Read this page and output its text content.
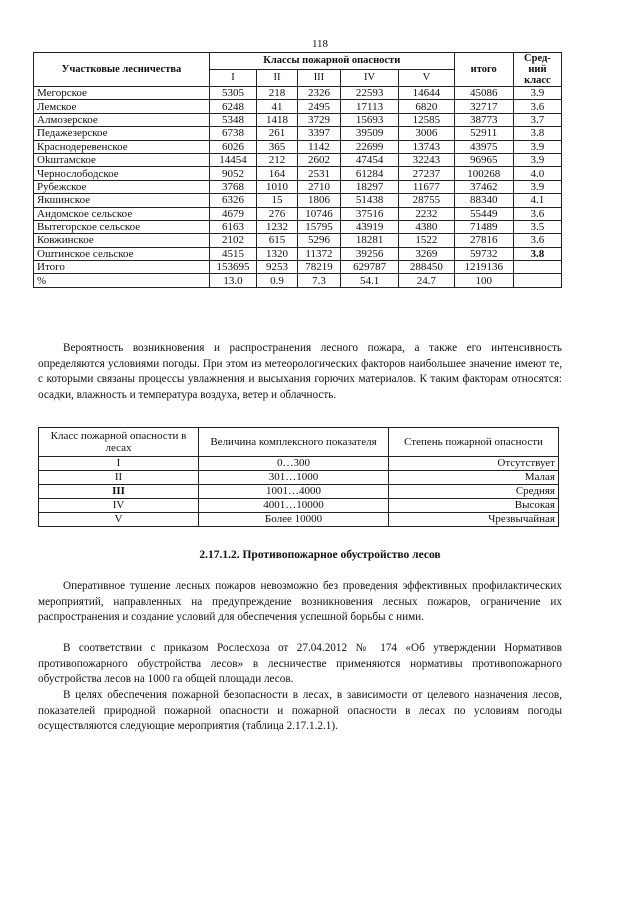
118
Участковые лесничества	Классы пожарной опасности					итого	Сред-ний класс
	I	II	III	IV	V		
Мегорское	5305	218	2326	22593	14644	45086	3.9
Лемское	6248	41	2495	17113	6820	32717	3.6
Алмозерское	5348	1418	3729	15693	12585	38773	3.7
Педажезерское	6738	261	3397	39509	3006	52911	3.8
Краснодеревенское	6026	365	1142	22699	13743	43975	3.9
Okштамское	14454	212	2602	47454	32243	96965	3.9
Чернослободское	9052	164	2531	61284	27237	100268	4.0
Рубежское	3768	1010	2710	18297	11677	37462	3.9
Якшинское	6326	15	1806	51438	28755	88340	4.1
Андомское сельское	4679	276	10746	37516	2232	55449	3.6
Вытегорское сельское	6163	1232	15795	43919	4380	71489	3.5
Ковжинское	2102	615	5296	18281	1522	27816	3.6
Оштинское сельское	4515	1320	11372	39256	3269	59732	3.8
Итого	153695	9253	78219	629787	288450	1219136	
%	13.0	0.9	7.3	54.1	24.7	100	

Вероятность возникновения и распространения лесного пожара, а также его интенсивность определяются условиями погоды. При этом из метеорологических факторов наибольшее значение имеют те, с которыми связаны процессы увлажнения и высыхания горючих материалов. К таким факторам относятся: осадки, влажность и температура воздуха, ветер и облачность.

Класс пожарной опасности в лесах	Величина комплексного показателя	Степень пожарной опасности
I	0…300	Отсутствует
II	301…1000	Малая
III	1001…4000	Средняя
IV	4001…10000	Высокая
V	Более 10000	Чрезвычайная
2.17.1.2. Противопожарное обустройство лесов

Оперативное тушение лесных пожаров невозможно без проведения эффективных профилактических мероприятий, направленных на предупреждение возникновения лесных пожаров, ограничение их распространения и создание условий для обеспечения успешной борьбы с ними.

В соответствии с приказом Рослесхоза от 27.04.2012 № 174 «Об утверждении Нормативов противопожарного обустройства лесов» в лесничестве применяются нормативы противопожарного обустройства лесов на 1000 га общей площади лесов.

В целях обеспечения пожарной безопасности в лесах, в зависимости от целевого назначения лесов, показателей природной пожарной опасности и пожарной опасности в лесах по условиям погоды осуществляются следующие мероприятия (таблица 2.17.1.2.1).
